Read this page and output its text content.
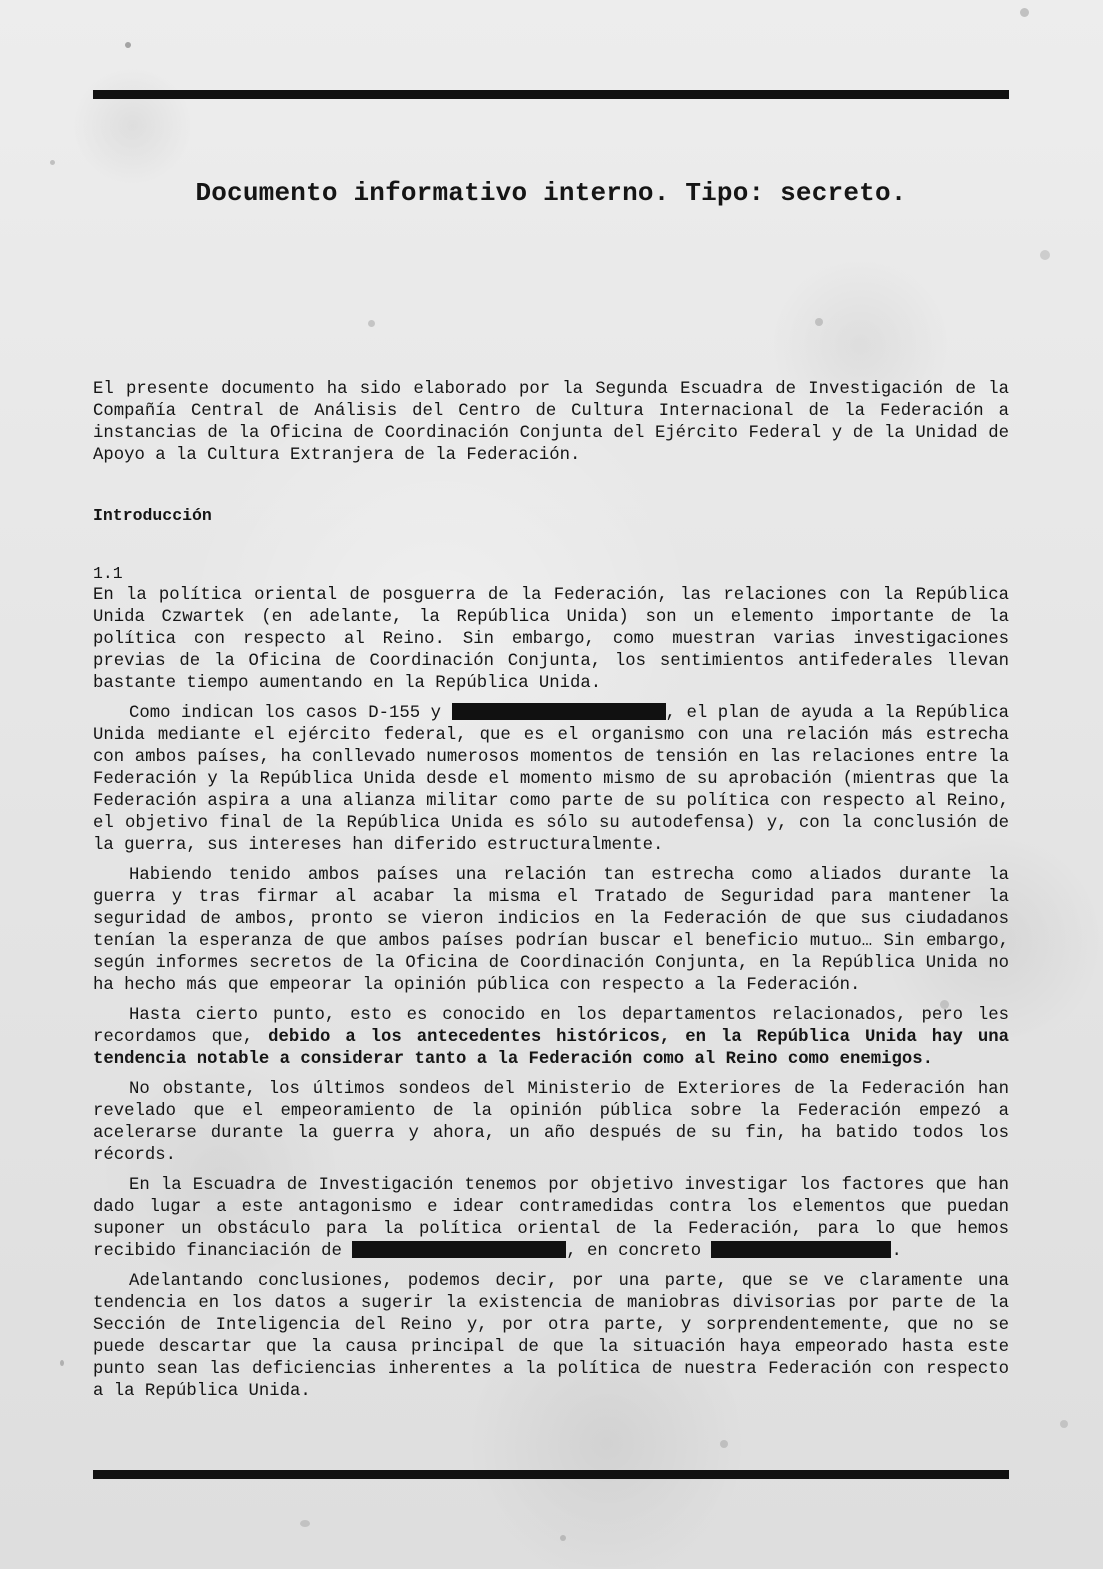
Documento informativo interno. Tipo: secreto.

El presente documento ha sido elaborado por la Segunda Escuadra de Investigación de la Compañía Central de Análisis del Centro de Cultura Internacional de la Federación a instancias de la Oficina de Coordinación Conjunta del Ejército Federal y de la Unidad de Apoyo a la Cultura Extranjera de la Federación.

Introducción
1.1

En la política oriental de posguerra de la Federación, las relaciones con la República Unida Czwartek (en adelante, la República Unida) son un elemento importante de la política con respecto al Reino. Sin embargo, como muestran varias investigaciones previas de la Oficina de Coordinación Conjunta, los sentimientos antifederales llevan bastante tiempo aumentando en la República Unida.

Como indican los casos D-155 y	, el plan de ayuda a la República Unida mediante el ejército federal, que es el organismo con una relación más estrecha con ambos países, ha conllevado numerosos momentos de tensión en las relaciones entre la Federación y la República Unida desde el momento mismo de su aprobación (mientras que la Federación aspira a una alianza militar como parte de su política con respecto al Reino, el objetivo final de la República Unida es sólo su autodefensa) y, con la conclusión de la guerra, sus intereses han diferido estructuralmente.

Habiendo tenido ambos países una relación tan estrecha como aliados durante la guerra y tras firmar al acabar la misma el Tratado de Seguridad para mantener la seguridad de ambos, pronto se vieron indicios en la Federación de que sus ciudadanos tenían la esperanza de que ambos países podrían buscar el beneficio mutuo… Sin embargo, según informes secretos de la Oficina de Coordinación Conjunta, en la República Unida no ha hecho más que empeorar la opinión pública con respecto a la Federación.

Hasta cierto punto, esto es conocido en los departamentos relacionados, pero les recordamos que, debido a los antecedentes históricos, en la República Unida hay una tendencia notable a considerar tanto a la Federación como al Reino como enemigos.

No obstante, los últimos sondeos del Ministerio de Exteriores de la Federación han revelado que el empeoramiento de la opinión pública sobre la Federación empezó a acelerarse durante la guerra y ahora, un año después de su fin, ha batido todos los récords.

En la Escuadra de Investigación tenemos por objetivo investigar los factores que han dado lugar a este antagonismo e idear contramedidas contra los elementos que puedan suponer un obstáculo para la política oriental de la Federación, para lo que hemos recibido financiación de	, en concreto	.

Adelantando conclusiones, podemos decir, por una parte, que se ve claramente una tendencia en los datos a sugerir la existencia de maniobras divisorias por parte de la Sección de Inteligencia del Reino y, por otra parte, y sorprendentemente, que no se puede descartar que la causa principal de que la situación haya empeorado hasta este punto sean las deficiencias inherentes a la política de nuestra Federación con respecto a la República Unida.
